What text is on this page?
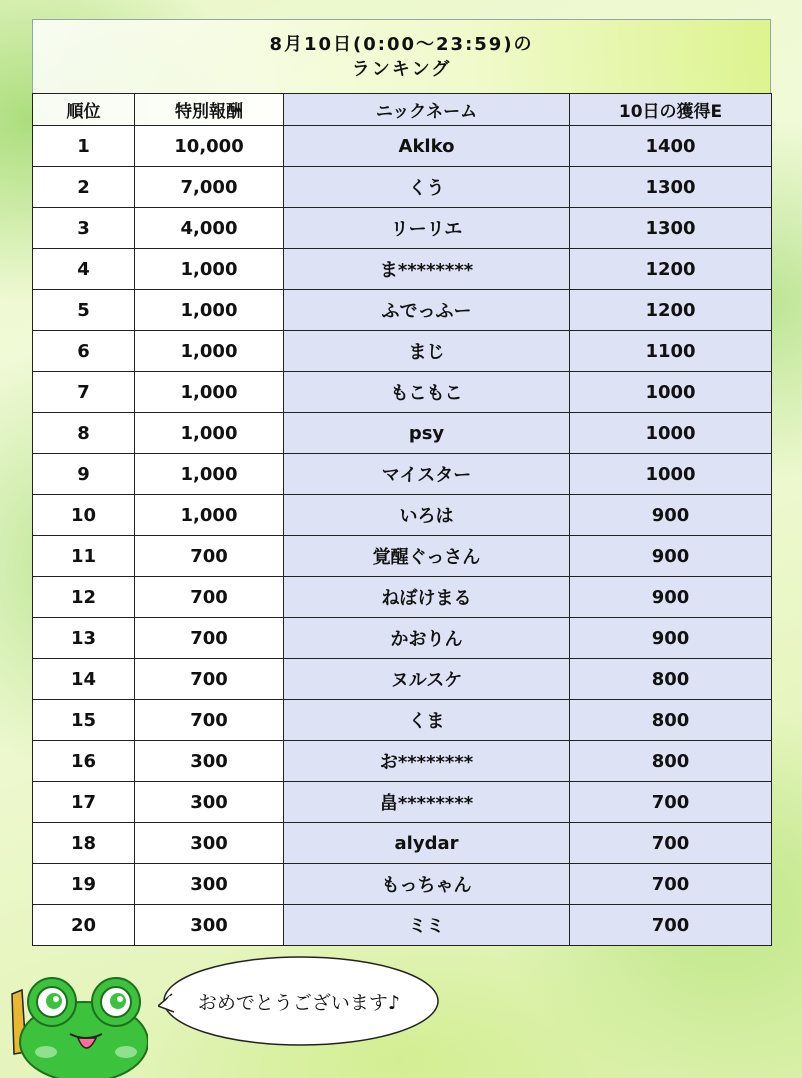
8月10日(0:00〜23:59)の
ランキング
順位	特別報酬	ニックネーム	10日の獲得E
1	10,000	Aklko	1400
2	7,000	くう	1300
3	4,000	リーリエ	1300
4	1,000	ま********	1200
5	1,000	ふでっふー	1200
6	1,000	まじ	1100
7	1,000	もこもこ	1000
8	1,000	psy	1000
9	1,000	マイスター	1000
10	1,000	いろは	900
11	700	覚醒ぐっさん	900
12	700	ねぼけまる	900
13	700	かおりん	900
14	700	ヌルスケ	800
15	700	くま	800
16	300	お********	800
17	300	畠********	700
18	300	alydar	700
19	300	もっちゃん	700
20	300	ミミ	700
おめでとうございます♪
